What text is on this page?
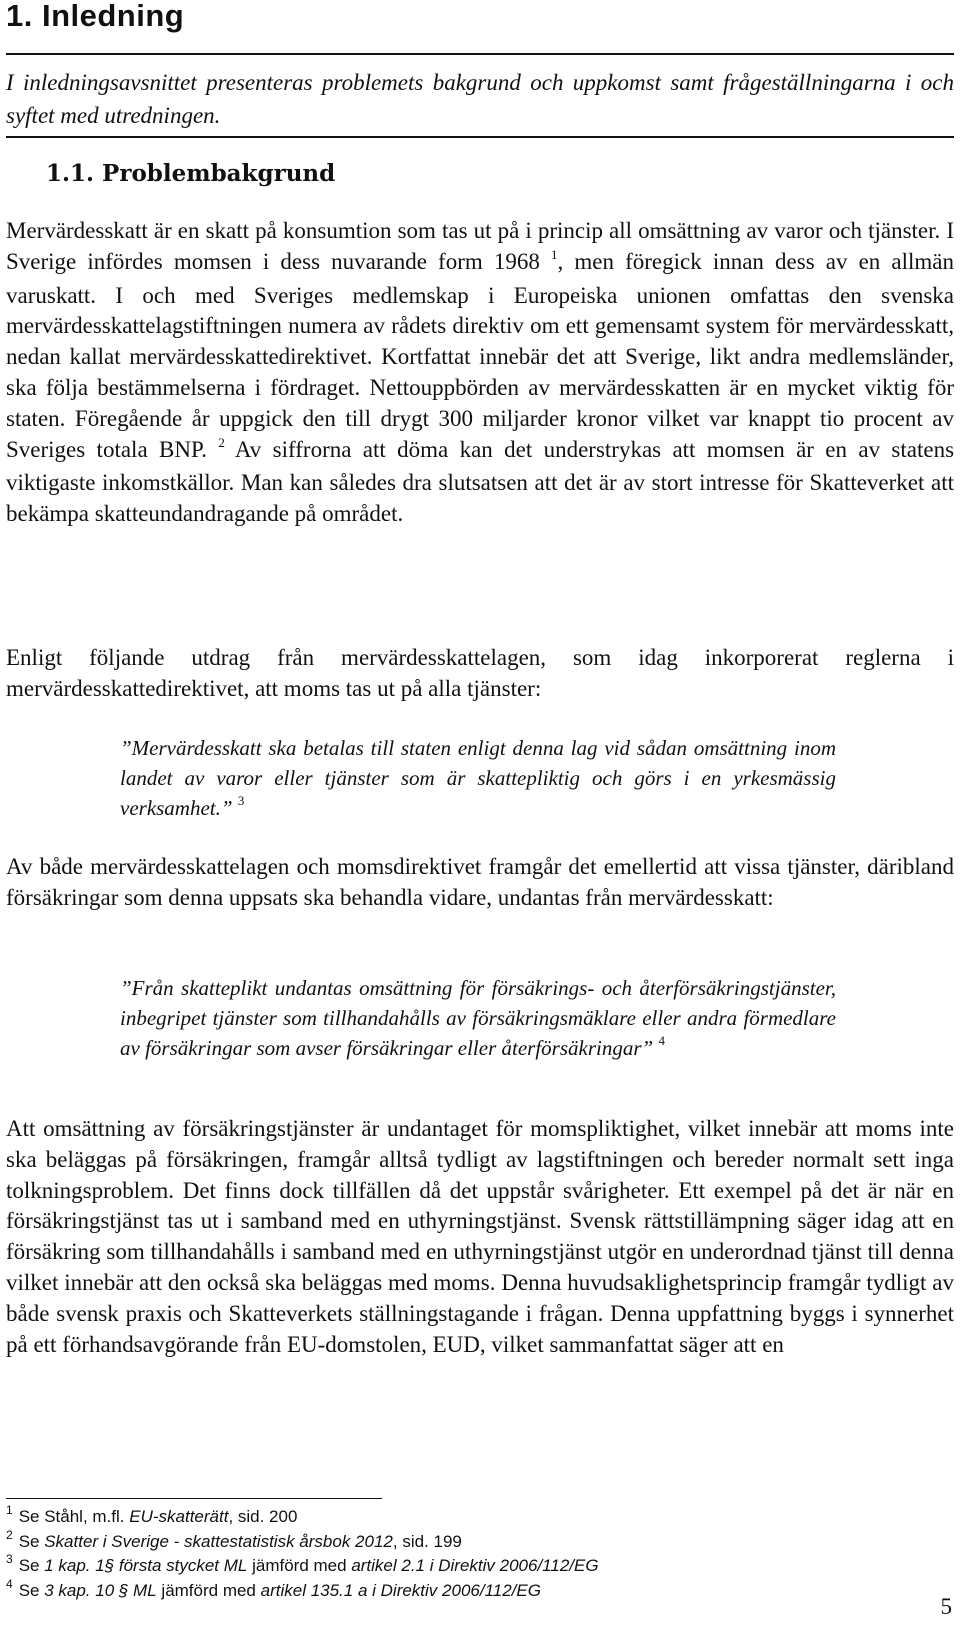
1. Inledning

I inledningsavsnittet presenteras problemets bakgrund och uppkomst samt frågeställningarna i och syftet med utredningen.

1.1. Problembakgrund

Mervärdesskatt är en skatt på konsumtion som tas ut på i princip all omsättning av varor och tjänster. I Sverige infördes momsen i dess nuvarande form 1968 $^1$, men föregick innan dess av en allmän varuskatt. I och med Sveriges medlemskap i Europeiska unionen omfattas den svenska mervärdesskattelagstiftningen numera av rådets direktiv om ett gemensamt system för mervärdesskatt, nedan kallat mervärdesskattedirektivet. Kortfattat innebär det att Sverige, likt andra medlemsländer, ska följa bestämmelserna i fördraget. Nettouppbörden av mervärdesskatten är en mycket viktig för staten. Föregående år uppgick den till drygt 300 miljarder kronor vilket var knappt tio procent av Sveriges totala BNP. $^2$ Av siffrorna att döma kan det understrykas att momsen är en av statens viktigaste inkomstkällor. Man kan således dra slutsatsen att det är av stort intresse för Skatteverket att bekämpa skatteundandragande på området.

Enligt följande utdrag från mervärdesskattelagen, som idag inkorporerat reglerna i mervärdesskattedirektivet, att moms tas ut på alla tjänster:

”Mervärdesskatt ska betalas till staten enligt denna lag vid sådan omsättning inom landet av varor eller tjänster som är skattepliktig och görs i en yrkesmässig verksamhet.” $^3$

Av både mervärdesskattelagen och momsdirektivet framgår det emellertid att vissa tjänster, däribland försäkringar som denna uppsats ska behandla vidare, undantas från mervärdesskatt:

”Från skatteplikt undantas omsättning för försäkrings- och återförsäkringstjänster, inbegripet tjänster som tillhandahålls av försäkringsmäklare eller andra förmedlare av försäkringar som avser försäkringar eller återförsäkringar” $^4$

Att omsättning av försäkringstjänster är undantaget för momspliktighet, vilket innebär att moms inte ska beläggas på försäkringen, framgår alltså tydligt av lagstiftningen och bereder normalt sett inga tolkningsproblem. Det finns dock tillfällen då det uppstår svårigheter. Ett exempel på det är när en försäkringstjänst tas ut i samband med en uthyrningstjänst. Svensk rättstillämpning säger idag att en försäkring som tillhandahålls i samband med en uthyrningstjänst utgör en underordnad tjänst till denna vilket innebär att den också ska beläggas med moms. Denna huvudsaklighetsprincip framgår tydligt av både svensk praxis och Skatteverkets ställningstagande i frågan. Denna uppfattning byggs i synnerhet på ett förhandsavgörande från EU-domstolen, EUD, vilket sammanfattat säger att en

$^1$ Se Ståhl, m.fl. EU-skatterätt, sid. 200
$^2$ Se Skatter i Sverige - skattestatistisk årsbok 2012, sid. 199
$^3$ Se 1 kap. 1§ första stycket ML jämförd med artikel 2.1 i Direktiv 2006/112/EG
$^4$ Se 3 kap. 10 § ML jämförd med artikel 135.1 a i Direktiv 2006/112/EG
5
